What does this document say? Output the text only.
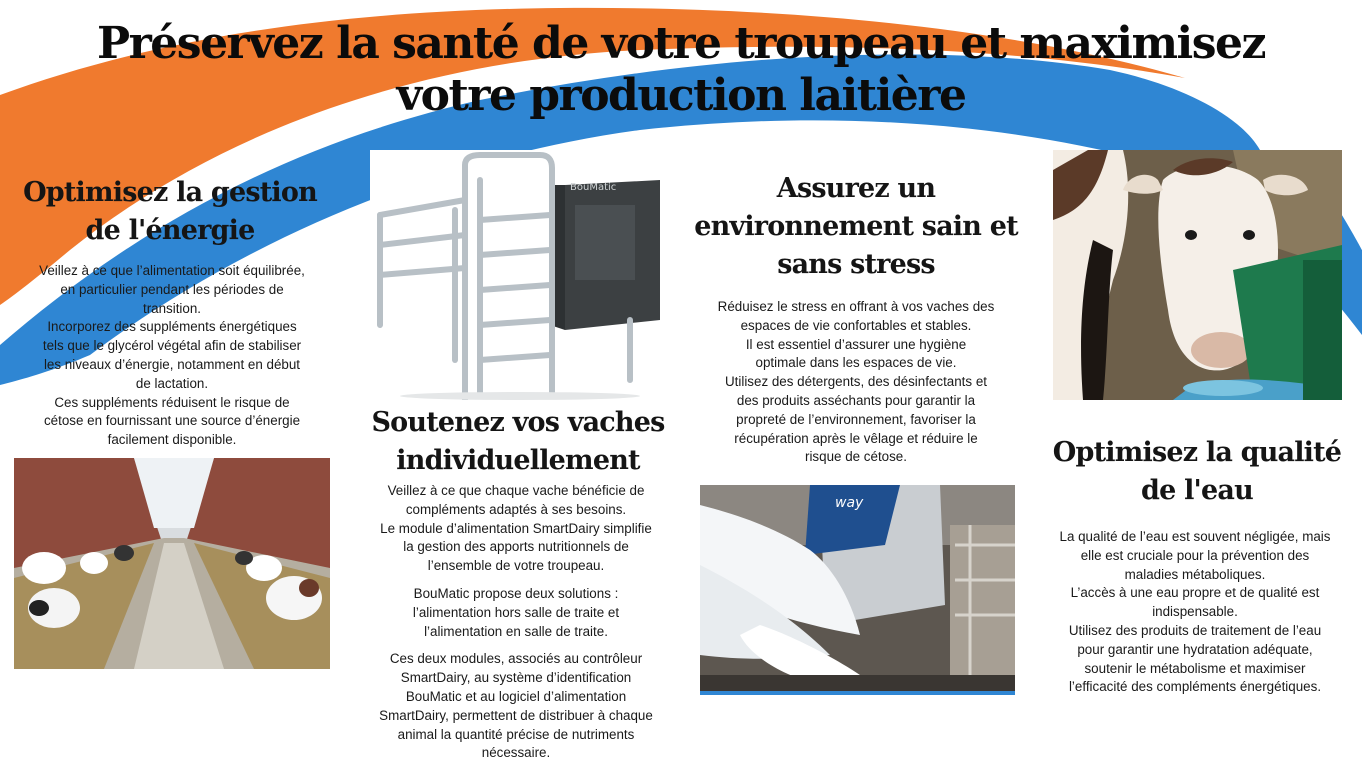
Préservez la santé de votre troupeau et maximisez
votre production laitière
Optimisez la gestion
de l'énergie

Veillez à ce que l’alimentation soit équilibrée,

en particulier pendant les périodes de

transition.

Incorporez des suppléments énergétiques

tels que le glycérol végétal afin de stabiliser

les niveaux d’énergie, notamment en début

de lactation.

Ces suppléments réduisent le risque de

cétose en fournissant une source d’énergie

facilement disponible.

BouMatic
Soutenez vos vaches
individuellement

Veillez à ce que chaque vache bénéficie de

compléments adaptés à ses besoins.

Le module d’alimentation SmartDairy simplifie

la gestion des apports nutritionnels de

l’ensemble de votre troupeau.

BouMatic propose deux solutions :

l’alimentation hors salle de traite et

l’alimentation en salle de traite.

Ces deux modules, associés au contrôleur

SmartDairy, au système d’identification

BouMatic et au logiciel d’alimentation

SmartDairy, permettent de distribuer à chaque

animal la quantité précise de nutriments

nécessaire.

Assurez un
environnement sain et
sans stress

Réduisez le stress en offrant à vos vaches des

espaces de vie confortables et stables.

Il est essentiel d’assurer une hygiène

optimale dans les espaces de vie.

Utilisez des détergents, des désinfectants et

des produits asséchants pour garantir la

propreté de l’environnement, favoriser la

récupération après le vêlage et réduire le

risque de cétose.

way
Optimisez la qualité
de l'eau

La qualité de l’eau est souvent négligée, mais

elle est cruciale pour la prévention des

maladies métaboliques.

L’accès à une eau propre et de qualité est

indispensable.

Utilisez des produits de traitement de l’eau

pour garantir une hydratation adéquate,

soutenir le métabolisme et maximiser

l’efficacité des compléments énergétiques.
